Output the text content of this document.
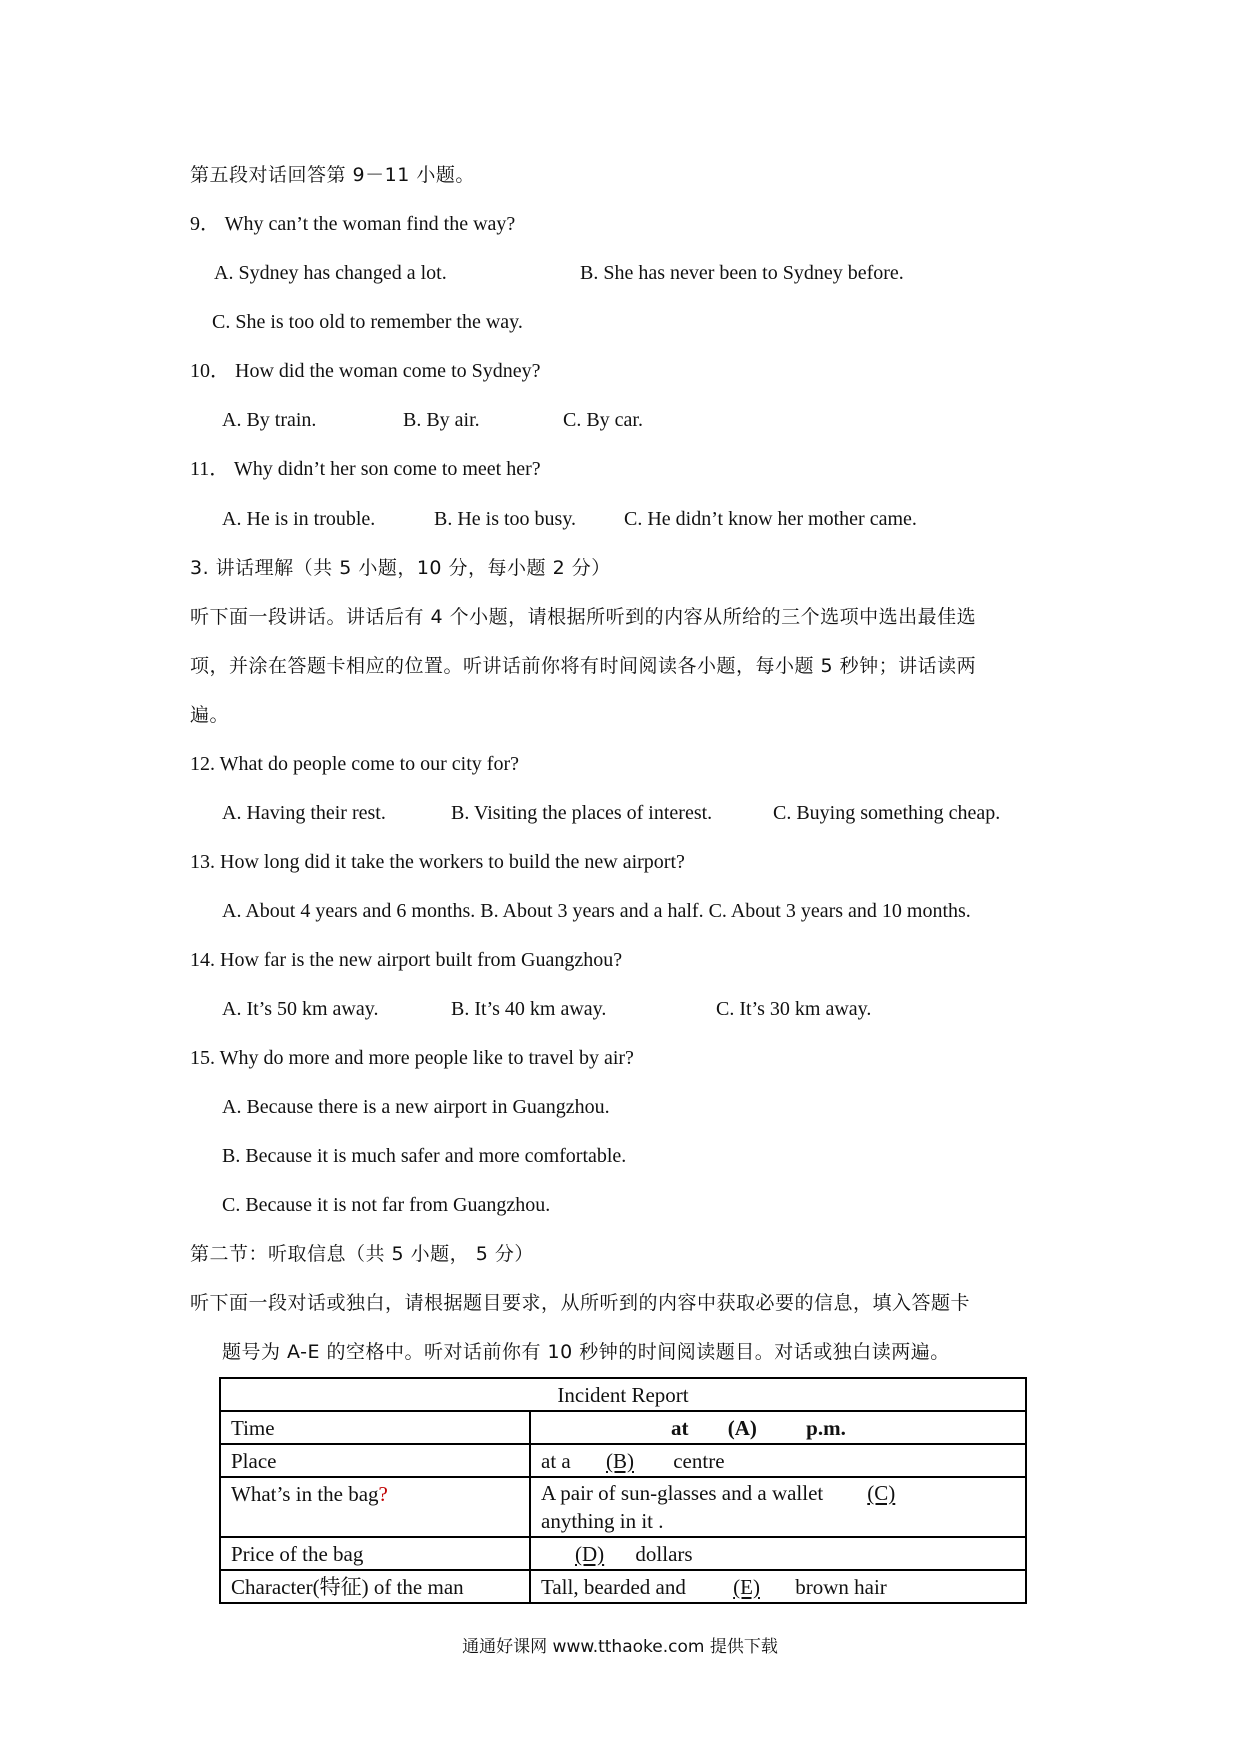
第五段对话回答第 9－11 小题。
9． Why can’t the woman find the way?
A. Sydney has changed a lot.	B. She has never been to Sydney before.
C. She is too old to remember the way.
10． How did the woman come to Sydney?
A. By train.	B. By air.	C. By car.
11． Why didn’t her son come to meet her?
A. He is in trouble.	B. He is too busy. C. He didn’t know her mother came.
3. 讲话理解（共 5 小题，10 分，每小题 2 分）
听下面一段讲话。讲话后有 4 个小题，请根据所听到的内容从所给的三个选项中选出最佳选
项，并涂在答题卡相应的位置。听讲话前你将有时间阅读各小题，每小题 5 秒钟；讲话读两
遍。
12. What do people come to our city for?
A. Having their rest.	B. Visiting the places of interest.	C. Buying something cheap.
13. How long did it take the workers to build the new airport?
A. About 4 years and 6 months. B. About 3 years and a half. C. About 3 years and 10 months.
14. How far is the new airport built from Guangzhou?
A. It’s 50 km away.	B. It’s 40 km away.	C. It’s 30 km away.
15. Why do more and more people like to travel by air?
A. Because there is a new airport in Guangzhou.
B. Because it is much safer and more comfortable.
C. Because it is not far from Guangzhou.
第二节：听取信息（共 5 小题， 5 分）
听下面一段对话或独白，请根据题目要求，从所听到的内容中获取必要的信息，填入答题卡
题号为 A-E 的空格中。听对话前你有 10 秒钟的时间阅读题目。对话或独白读两遍。
Incident Report	
Time	at (A) p.m.
Place	at a (B) centre
What’s in the bag?	A pair of sun-glasses and a wallet (C)
anything in it .

Price of the bag	(D) dollars
Character(特征) of the man	Tall, bearded and (E) brown hair
通通好课网 www.tthaoke.com 提供下载
